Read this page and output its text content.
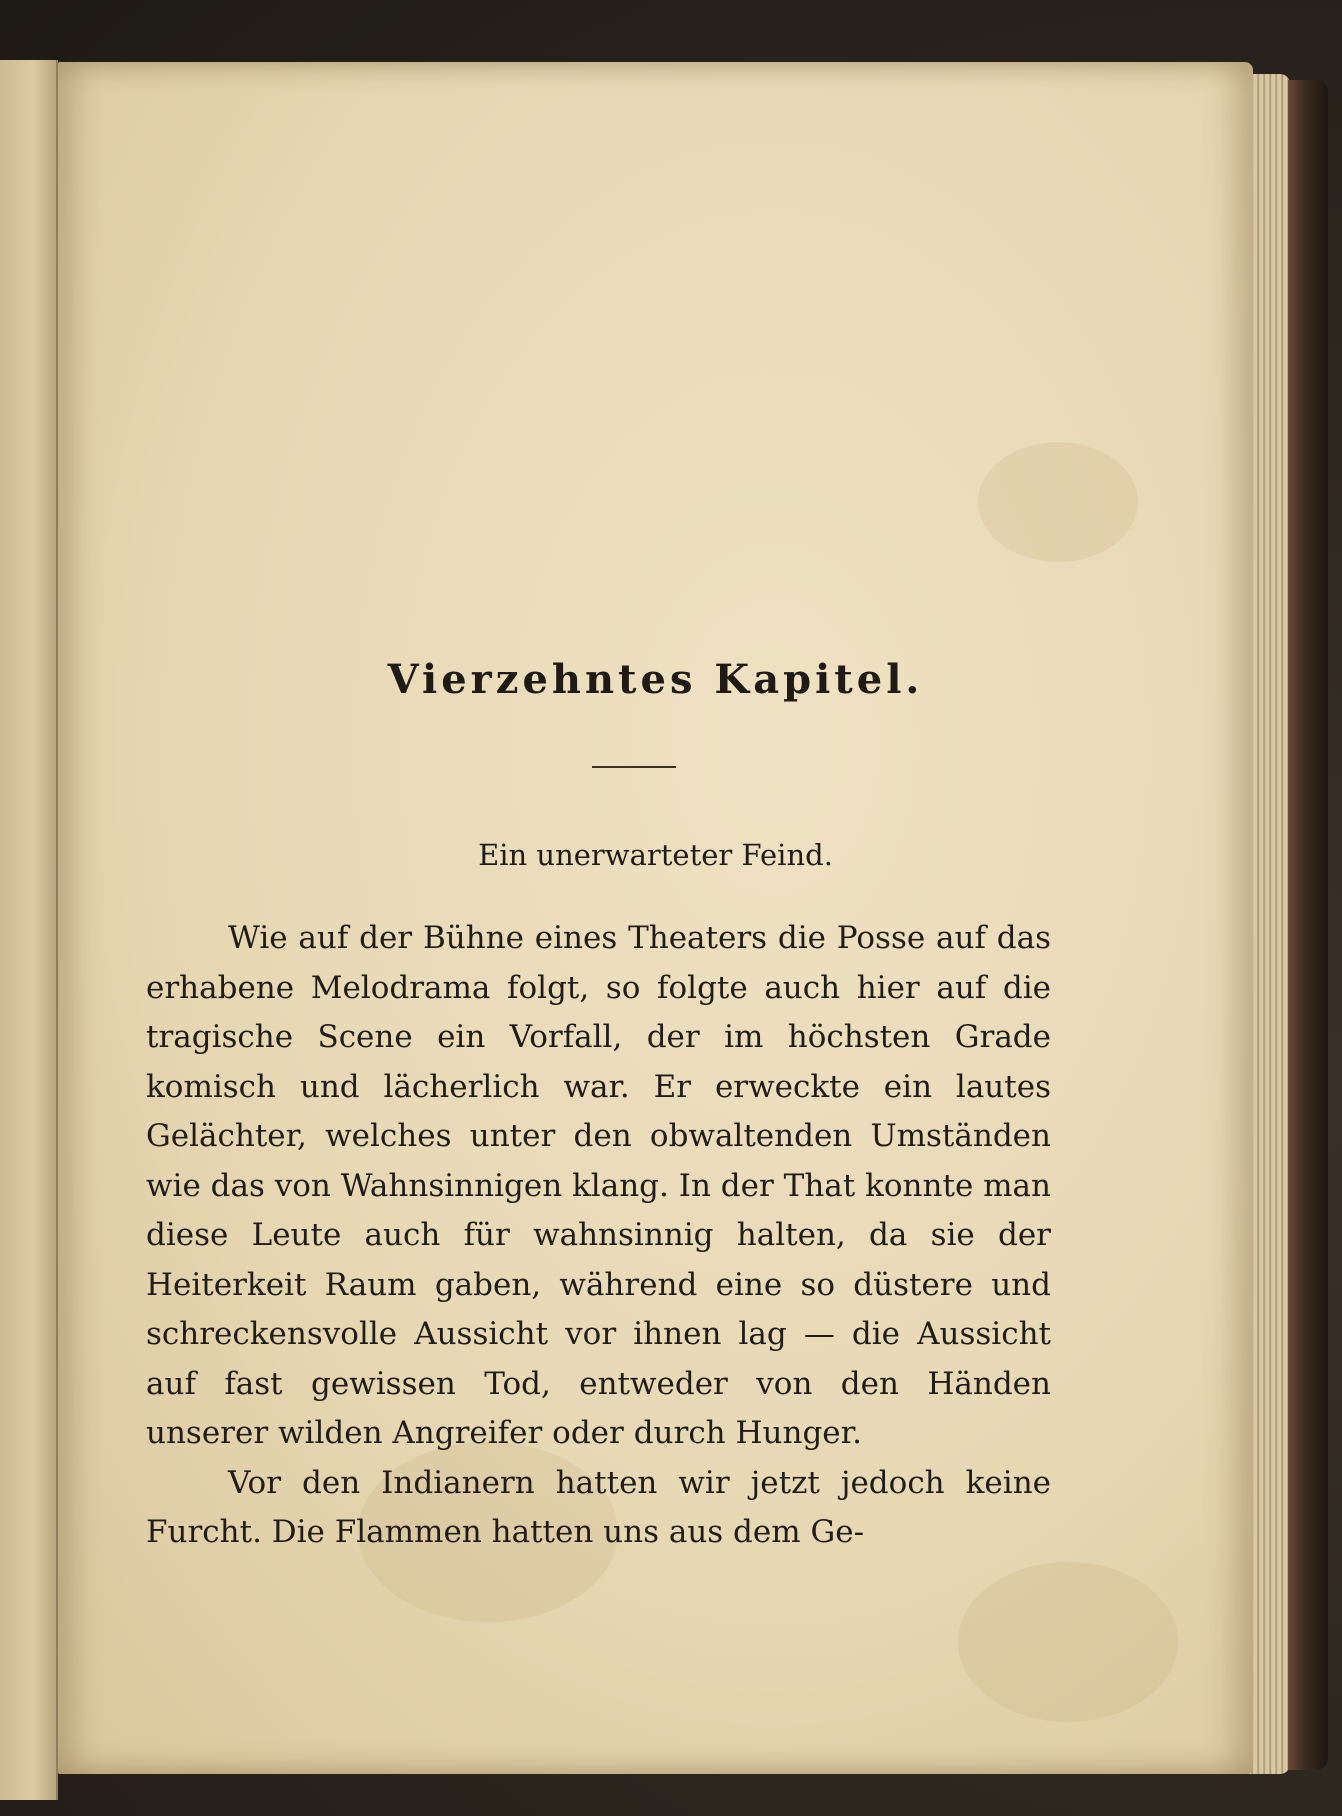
Vierzehntes Kapitel.
Ein unerwarteter Feind.

Wie auf der Bühne eines Theaters die Posse auf das erhabene Melodrama folgt, so folgte auch hier auf die tragische Scene ein Vorfall, der im höchsten Grade komisch und lächerlich war. Er erweckte ein lautes Gelächter, welches unter den obwaltenden Umständen wie das von Wahnsinnigen klang. In der That konnte man diese Leute auch für wahnsinnig halten, da sie der Heiterkeit Raum gaben, während eine so düstere und schreckensvolle Aussicht vor ihnen lag — die Aussicht auf fast gewissen Tod, entweder von den Händen unserer wilden Angreifer oder durch Hunger.

Vor den Indianern hatten wir jetzt jedoch keine Furcht. Die Flammen hatten uns aus dem Ge-
